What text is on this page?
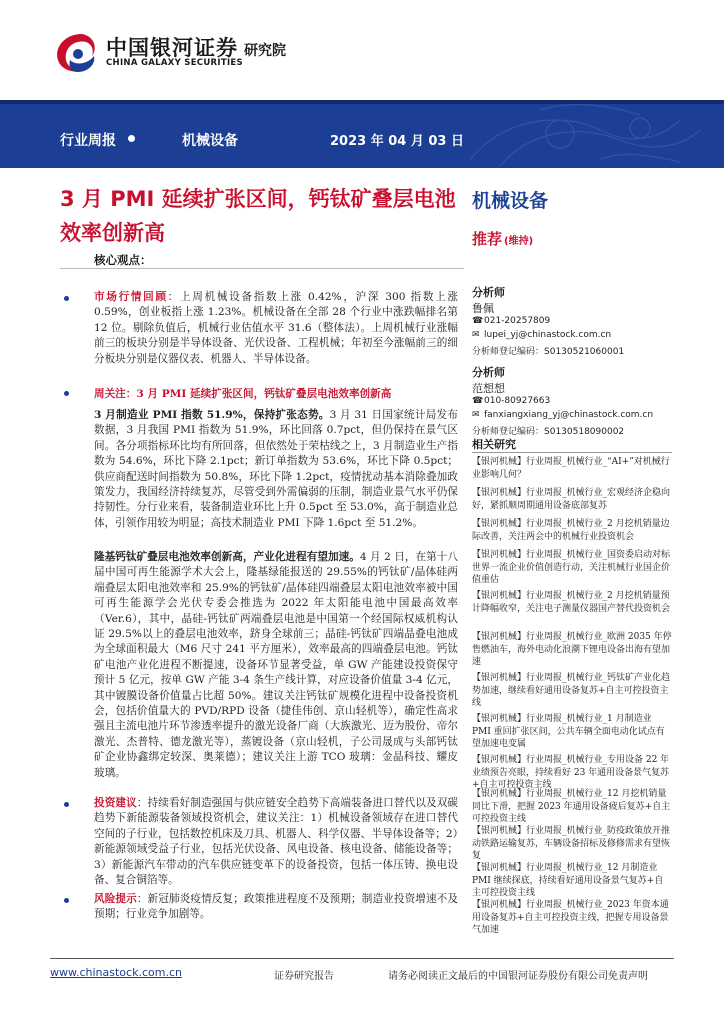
中国银河证券
CHINA GALAXY SECURITIES
研究院
行业周报	机械设备	2023 年 04 月 03 日
3 月 PMI 延续扩张区间，钙钛矿叠层电池效率创新高
机械设备
推荐 (维持)
核心观点：
市场行情回顾：上周机械设备指数上涨 0.42%，沪深 300 指数上涨 0.59%，创业板指上涨 1.23%。机械设备在全部 28 个行业中涨跌幅排名第 12 位。剔除负值后，机械行业估值水平 31.6（整体法）。上周机械行业涨幅前三的板块分别是半导体设备、光伏设备、工程机械；年初至今涨幅前三的细分板块分别是仪器仪表、机器人、半导体设备。
周关注：3 月 PMI 延续扩张区间，钙钛矿叠层电池效率创新高
3 月制造业 PMI 指数 51.9%，保持扩张态势。3 月 31 日国家统计局发布数据，3 月我国 PMI 指数为 51.9%，环比回落 0.7pct，但仍保持在景气区间。各分项指标环比均有所回落，但依然处于荣枯线之上，3 月制造业生产指数为 54.6%，环比下降 2.1pct；新订单指数为 53.6%，环比下降 0.5pct；供应商配送时间指数为 50.8%，环比下降 1.2pct，疫情扰动基本消除叠加政策发力，我国经济持续复苏，尽管受到外需偏弱的压制，制造业景气水平仍保持韧性。分行业来看，装备制造业环比上升 0.5pct 至 53.0%，高于制造业总体，引领作用较为明显；高技术制造业 PMI 下降 1.6pct 至 51.2%。
隆基钙钛矿叠层电池效率创新高，产业化进程有望加速。4 月 2 日，在第十八届中国可再生能源学术大会上，隆基绿能报送的 29.55%的钙钛矿/晶体硅两端叠层太阳电池效率和 25.9%的钙钛矿/晶体硅四端叠层太阳电池效率被中国可再生能源学会光伏专委会推选为 2022 年太阳能电池中国最高效率（Ver.6），其中，晶硅-钙钛矿两端叠层电池是中国第一个经国际权威机构认证 29.5%以上的叠层电池效率，跻身全球前三；晶硅-钙钛矿四端晶叠电池成为全球面积最大（M6 尺寸 241 平方厘米），效率最高的四端叠层电池。钙钛矿电池产业化进程不断提速，设备环节显著受益，单 GW 产能建设投资保守预计 5 亿元，按单 GW 产能 3-4 条生产线计算，对应设备价值量 3-4 亿元，其中镀膜设备价值量占比超 50%。建议关注钙钛矿规模化进程中设备投资机会，包括价值量大的 PVD/RPD 设备（捷佳伟创、京山轻机等），确定性高求强且主流电池片环节渗透率提升的激光设备厂商（大族激光、迈为股份、帝尔激光、杰普特、德龙激光等），蒸镀设备（京山轻机，子公司晟成与头部钙钛矿企业协鑫绑定较深、奥莱德）；建议关注上游 TCO 玻璃：金晶科技、耀皮玻璃。
投资建议：持续看好制造强国与供应链安全趋势下高端装备进口替代以及双碳趋势下新能源装备领域投资机会，建议关注：1）机械设备领域存在进口替代空间的子行业，包括数控机床及刀具、机器人、科学仪器、半导体设备等；2）新能源领域受益子行业，包括光伏设备、风电设备、核电设备、储能设备等；3）新能源汽车带动的汽车供应链变革下的设备投资，包括一体压铸、换电设备、复合铜箔等。
风险提示：新冠肺炎疫情反复；政策推进程度不及预期；制造业投资增速不及预期；行业竞争加剧等。
分析师
鲁佩
☎021-20257809
✉ lupei_yj@chinastock.com.cn
分析师登记编码：S0130521060001
分析师
范想想
☎010-80927663
✉ fanxiangxiang_yj@chinastock.com.cn
分析师登记编码：S0130518090002
相关研究
【银河机械】行业周报_机械行业_“AI+”对机械行业影响几何？
【银河机械】行业周报_机械行业_宏观经济企稳向好，紧抓顺周期通用设备底部复苏
【银河机械】行业周报_机械行业_2 月挖机销量边际改善，关注两会中的机械行业投资机会
【银河机械】行业周报_机械行业_国资委启动对标世界一流企业价值创造行动，关注机械行业国企价值重估
【银河机械】行业周报_机械行业_2 月挖机销量预计降幅收窄，关注电子测量仪器国产替代投资机会
【银河机械】行业周报_机械行业_欧洲 2035 年停售燃油车，海外电动化浪潮下锂电设备出海有望加速
【银河机械】行业周报_机械行业_钙钛矿产业化趋势加速，继续看好通用设备复苏+自主可控投资主线
【银河机械】行业周报_机械行业_1 月制造业 PMI 重回扩张区间，公共车辆全面电动化试点有望加速电变属
【银河机械】行业周报_机械行业_专用设备 22 年业绩预告亮眼，持续看好 23 年通用设备景气复苏+自主可控投资主线
【银河机械】行业周报_机械行业_12 月挖机销量同比下滑，把握 2023 年通用设备疲后复苏+自主可控投资主线
【银河机械】行业周报_机械行业_防疫政策放开推动铁路运输复苏，车辆设备招标及修修需求有望恢复
【银河机械】行业周报_机械行业_12 月制造业 PMI 继续探底，持续看好通用设备景气复苏+自主可控投资主线
【银河机械】行业周报_机械行业_2023 年资本通用设备复苏+自主可控投资主线，把握专用设备景气加速
www.chinastock.com.cn	证券研究报告	请务必阅读正文最后的中国银河证券股份有限公司免责声明
